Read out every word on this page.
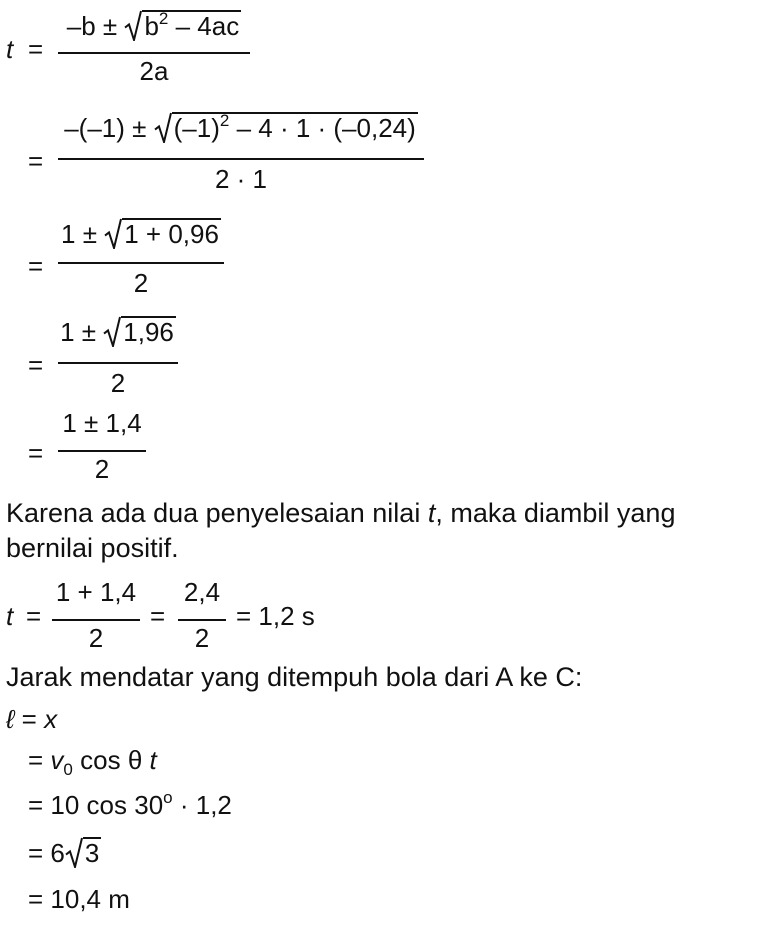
t =
$-b \pm b^2 - 4ac$
2a
=
$-(-1) \pm (-1)^2 - 4 \cdot 1 \cdot (-0,24)$
2 · 1
=
1 ± 1 + 0,96
2
=
1 ± 1,96
2
=
1 ± 1,4
2
Karena ada dua penyelesaian nilai t, maka diambil yang
bernilai positif.
t =
1 + 1,4
2
=
2,4
2
= 1,2 s
Jarak mendatar yang ditempuh bola dari A ke C:
ℓ = x
= $v_0$ cos θ t
= 10 $\cos 30^o \cdot 1,2$
= 6 3
= 10,4 m
